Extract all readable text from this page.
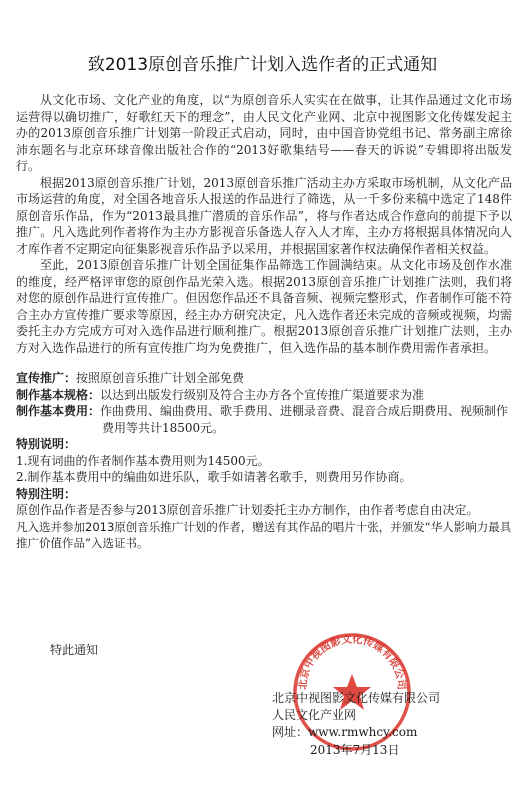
致2013原创音乐推广计划入选作者的正式通知

从文化市场、文化产业的角度，以“为原创音乐人实实在在做事，让其作品通过文化市场运营得以确切推广，好歌红天下的理念”，由人民文化产业网、北京中视图影文化传媒发起主办的2013原创音乐推广计划第一阶段正式启动，同时，由中国音协党组书记、常务副主席徐沛东题名与北京环球音像出版社合作的“2013好歌集结号——春天的诉说”专辑即将出版发行。

根据2013原创音乐推广计划，2013原创音乐推广活动主办方采取市场机制，从文化产品市场运营的角度，对全国各地音乐人报送的作品进行了筛选，从一千多份来稿中选定了148件原创音乐作品，作为“2013最具推广潜质的音乐作品”，将与作者达成合作意向的前提下予以推广。凡入选此列作者将作为主办方影视音乐备选人存入人才库，主办方将根据具体情况向人才库作者不定期定向征集影视音乐作品予以采用，并根据国家著作权法确保作者相关权益。

至此，2013原创音乐推广计划全国征集作品筛选工作圆满结束。从文化市场及创作水准的维度，经严格评审您的原创作品光荣入选。根据2013原创音乐推广计划推广法则，我们将对您的原创作品进行宣传推广。但因您作品还不具备音频、视频完整形式，作者制作可能不符合主办方宣传推广要求等原因，经主办方研究决定，凡入选作者还未完成的音频或视频，均需委托主办方完成方可对入选作品进行顺利推广。根据2013原创音乐推广计划推广法则，主办方对入选作品进行的所有宣传推广均为免费推广，但入选作品的基本制作费用需作者承担。

宣传推广：按照原创音乐推广计划全部免费

制作基本规格：以达到出版发行级别及符合主办方各个宣传推广渠道要求为准

制作基本费用：作曲费用、编曲费用、歌手费用、进棚录音费、混音合成后期费用、视频制作费用等共计18500元。

特别说明：

1.现有词曲的作者制作基本费用则为14500元。

2.制作基本费用中的编曲如进乐队，歌手如请著名歌手，则费用另作协商。

特别注明：

原创作品作者是否参与2013原创音乐推广计划委托主办方制作，由作者考虑自由决定。

凡入选并参加2013原创音乐推广计划的作者，赠送有其作品的唱片十张，并颁发“华人影响力最具推广价值作品”入选证书。

特此通知
北京中视图影文化传媒有限公司
北京中视图影文化传媒有限公司
人民文化产业网
网址：www.rmwhcy.com
2013年7月13日
